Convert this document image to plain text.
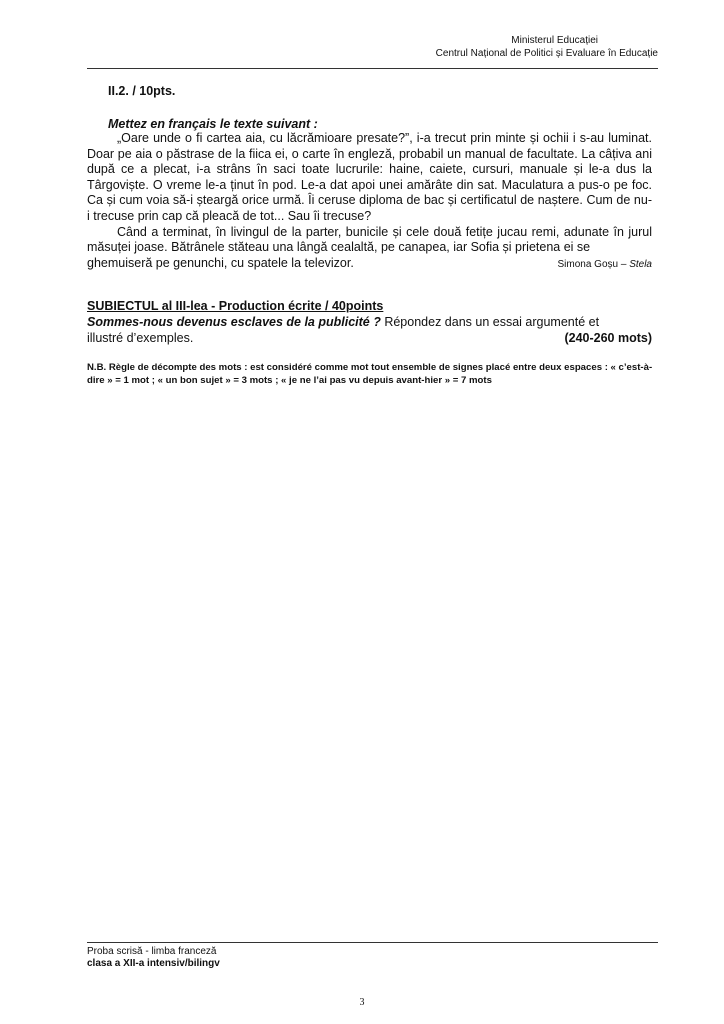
Ministerul Educației
Centrul Național de Politici și Evaluare în Educație
II.2. / 10pts.
Mettez en français le texte suivant :

„Oare unde o fi cartea aia, cu lăcrămioare presate?”, i-a trecut prin minte și ochii i s-au luminat. Doar pe aia o păstrase de la fiica ei, o carte în engleză, probabil un manual de facultate. La câțiva ani după ce a plecat, i-a strâns în saci toate lucrurile: haine, caiete, cursuri, manuale și le-a dus la Târgoviște. O vreme le-a ținut în pod. Le-a dat apoi unei amărâte din sat. Maculatura a pus-o pe foc. Ca și cum voia să-i șteargă orice urmă. Îi ceruse diploma de bac și certificatul de naștere. Cum de nu-i trecuse prin cap că pleacă de tot... Sau îi trecuse?

Când a terminat, în livingul de la parter, bunicile și cele două fetițe jucau remi, adunate în jurul măsuței joase. Bătrânele stăteau una lângă cealaltă, pe canapea, iar Sofia și prietena ei se

ghemuiseră pe genunchi, cu spatele la televizor.	Simona Goșu – Stela
SUBIECTUL al III-lea - Production écrite / 40points
Sommes-nous devenus esclaves de la publicité ? Répondez dans un essai argumenté et
illustré d’exemples.	(240-260 mots)
N.B. Règle de décompte des mots : est considéré comme mot tout ensemble de signes placé entre deux espaces : « c’est-à-dire » = 1 mot ; « un bon sujet » = 3 mots ; « je ne l’ai pas vu depuis avant-hier » = 7 mots
Proba scrisă - limba franceză
clasa a XII-a intensiv/bilingv
3
